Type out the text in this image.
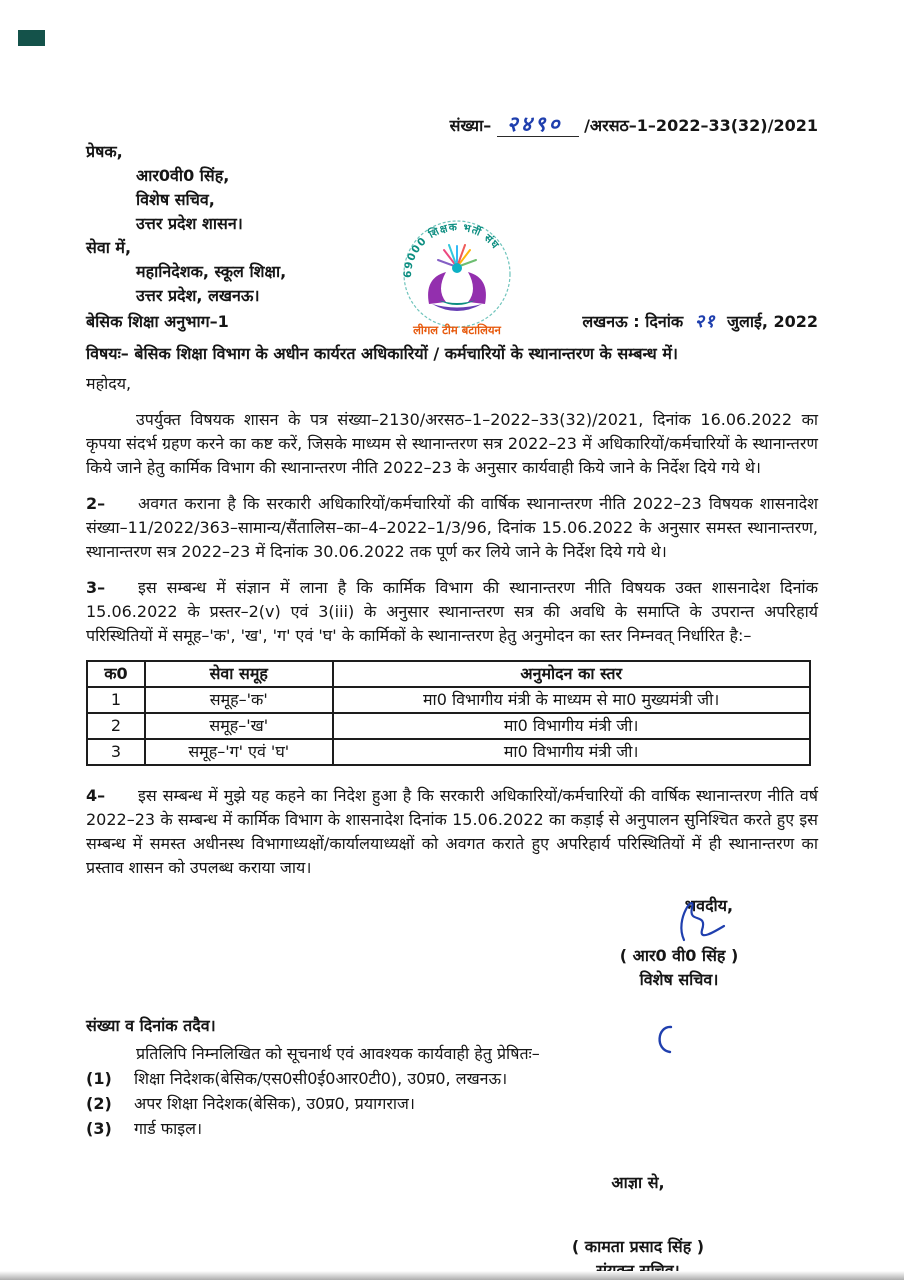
69000 शिक्षक भर्ती संघ
लीगल टीम बटालियन
संख्या– २४९० /अरसठ–1–2022–33(32)/2021
प्रेषक,
आर0वी0 सिंह,
विशेष सचिव,
उत्तर प्रदेश शासन।
सेवा में,
महानिदेशक, स्कूल शिक्षा,
उत्तर प्रदेश, लखनऊ।
बेसिक शिक्षा अनुभाग–1	लखनऊ : दिनांक २१ जुलाई, 2022
विषयः– बेसिक शिक्षा विभाग के अधीन कार्यरत अधिकारियों / कर्मचारियों के स्थानान्तरण के सम्बन्ध में।
महोदय,

उपर्युक्त विषयक शासन के पत्र संख्या–2130/अरसठ–1–2022–33(32)/2021, दिनांक 16.06.2022 का कृपया संदर्भ ग्रहण करने का कष्ट करें, जिसके माध्यम से स्थानान्तरण सत्र 2022–23 में अधिकारियों/कर्मचारियों के स्थानान्तरण किये जाने हेतु कार्मिक विभाग की स्थानान्तरण नीति 2022–23 के अनुसार कार्यवाही किये जाने के निर्देश दिये गये थे।

2– अवगत कराना है कि सरकारी अधिकारियों/कर्मचारियों की वार्षिक स्थानान्तरण नीति 2022–23 विषयक शासनादेश संख्या–11/2022/363–सामान्य/सैंतालिस–का–4–2022–1/3/96, दिनांक 15.06.2022 के अनुसार समस्त स्थानान्तरण, स्थानान्तरण सत्र 2022–23 में दिनांक 30.06.2022 तक पूर्ण कर लिये जाने के निर्देश दिये गये थे।

3– इस सम्बन्ध में संज्ञान में लाना है कि कार्मिक विभाग की स्थानान्तरण नीति विषयक उक्त शासनादेश दिनांक 15.06.2022 के प्रस्तर–2(v) एवं 3(iii) के अनुसार स्थानान्तरण सत्र की अवधि के समाप्ति के उपरान्त अपरिहार्य परिस्थितियों में समूह–'क', 'ख', 'ग' एवं 'घ' के कार्मिकों के स्थानान्तरण हेतु अनुमोदन का स्तर निम्नवत् निर्धारित है:–

क0	सेवा समूह	अनुमोदन का स्तर
1	समूह–'क'	मा0 विभागीय मंत्री के माध्यम से मा0 मुख्यमंत्री जी।
2	समूह–'ख'	मा0 विभागीय मंत्री जी।
3	समूह–'ग' एवं 'घ'	मा0 विभागीय मंत्री जी।

4– इस सम्बन्ध में मुझे यह कहने का निदेश हुआ है कि सरकारी अधिकारियों/कर्मचारियों की वार्षिक स्थानान्तरण नीति वर्ष 2022–23 के सम्बन्ध में कार्मिक विभाग के शासनादेश दिनांक 15.06.2022 का कड़ाई से अनुपालन सुनिश्चित करते हुए इस सम्बन्ध में समस्त अधीनस्थ विभागाध्यक्षों/कार्यालयाध्यक्षों को अवगत कराते हुए अपरिहार्य परिस्थितियों में ही स्थानान्तरण का प्रस्ताव शासन को उपलब्ध कराया जाय।

भवदीय,
( आर0 वी0 सिंह )
विशेष सचिव।
संख्या व दिनांक तदैव।
प्रतिलिपि निम्नलिखित को सूचनार्थ एवं आवश्यक कार्यवाही हेतु प्रेषितः–
(1)	शिक्षा निदेशक(बेसिक/एस0सी0ई0आर0टी0), उ0प्र0, लखनऊ।
(2)	अपर शिक्षा निदेशक(बेसिक), उ0प्र0, प्रयागराज।
(3)	गार्ड फाइल।
आज्ञा से,
( कामता प्रसाद सिंह )
